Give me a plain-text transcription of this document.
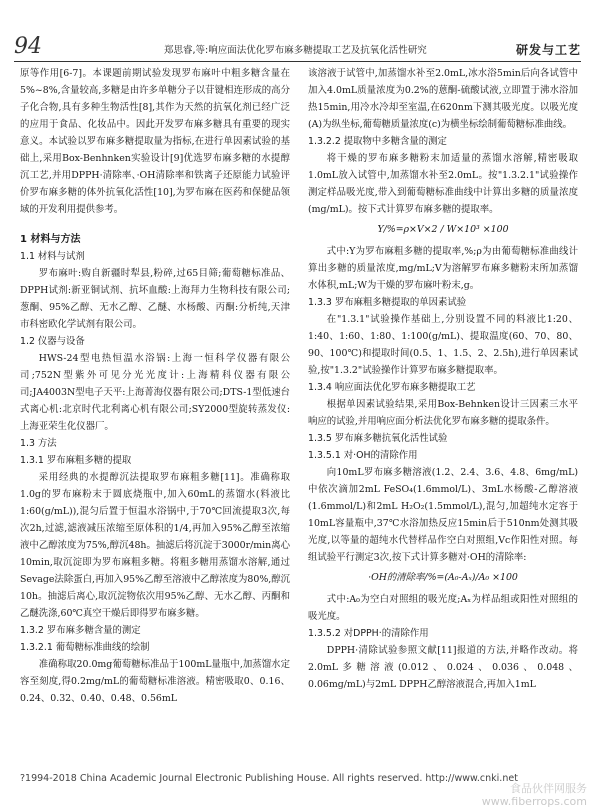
94	郑思睿,等:响应面法优化罗布麻多糖提取工艺及抗氧化活性研究	研发与工艺

原等作用[6-7]。本课题前期试验发现罗布麻叶中粗多糖含量在5%~8%,含量较高,多糖是由许多单糖分子以苷键相连形成的高分子化合物,具有多种生物活性[8],其作为天然的抗氧化剂已经广泛的应用于食品、化妆品中。因此开发罗布麻多糖具有重要的现实意义。本试验以罗布麻多糖提取量为指标,在进行单因素试验的基础上,采用Box-Benhnken实验设计[9]优选罗布麻多糖的水提醇沉工艺,并用DPPH·清除率、·OH清除率和铁离子还原能力试验评价罗布麻多糖的体外抗氧化活性[10],为罗布麻在医药和保健品领域的开发利用提供参考。

1 材料与方法
1.1 材料与试剂

罗布麻叶:购自新疆时犁县,粉碎,过65目筛;葡萄糖标准品、DPPH试剂:新亚铜试剂、抗坏血酸:上海拜力生物科技有限公司;葱酮、95%乙醇、无水乙醇、乙醚、水杨酸、丙酮:分析纯,天津市科密欧化学试剂有限公司。

1.2 仪器与设备

HWS-24型电热恒温水浴锅:上海一恒科学仪器有限公司;752N型紫外可见分光光度计:上海精科仪器有限公司;JA4003N型电子天平:上海菁海仪器有限公司;DTS-1型低速台式离心机:北京时代北利离心机有限公司;SY2000型旋转蒸发仪:上海亚荣生化仪器厂。

1.3 方法
1.3.1 罗布麻粗多糖的提取

采用经典的水提醇沉法提取罗布麻粗多糖[11]。准确称取1.0g的罗布麻粉末于圆底烧瓶中,加入60mL的蒸馏水(料液比1:60(g/mL)),混匀后置于恒温水浴锅中,于70℃回流提取3次,每次2h,过滤,滤液减压浓缩至原体积的1/4,再加入95%乙醇至浓缩液中乙醇浓度为75%,醇沉48h。抽滤后将沉淀于3000r/min离心10min,取沉淀即为罗布麻粗多糖。将粗多糖用蒸馏水溶解,通过Sevage法除蛋白,再加入95%乙醇至溶液中乙醇浓度为80%,醇沉10h。抽滤后离心,取沉淀物依次用95%乙醇、无水乙醇、丙酮和乙醚洗涤,60℃真空干燥后即得罗布麻多糖。

1.3.2 罗布麻多糖含量的测定
1.3.2.1 葡萄糖标准曲线的绘制

准确称取20.0mg葡萄糖标准品于100mL量瓶中,加蒸馏水定容至刻度,得0.2mg/mL的葡萄糖标准溶液。精密吸取0、0.16、0.24、0.32、0.40、0.48、0.56mL

该溶液于试管中,加蒸馏水补至2.0mL,冰水浴5min后向各试管中加入4.0mL质量浓度为0.2%的蒽酮-硫酸试液,立即置于沸水浴加热15min,用冷水冷却至室温,在620nm下测其吸光度。以吸光度(A)为纵坐标,葡萄糖质量浓度(c)为横坐标绘制葡萄糖标准曲线。

1.3.2.2 提取物中多糖含量的测定

将干燥的罗布麻多糖粉末加适量的蒸馏水溶解,精密吸取1.0mL放入试管中,加蒸馏水补至2.0mL。按"1.3.2.1"试验操作测定样品吸光度,带入到葡萄糖标准曲线中计算出多糖的质量浓度(mg/mL)。按下式计算罗布麻多糖的提取率。

Y/%=ρ×V×2 / W×10³ ×100

式中:Y为罗布麻粗多糖的提取率,%;ρ为由葡萄糖标准曲线计算出多糖的质量浓度,mg/mL;V为溶解罗布麻多糖粉末所加蒸馏水体积,mL;W为干燥的罗布麻叶粉末,g。

1.3.3 罗布麻粗多糖提取的单因素试验

在"1.3.1"试验操作基础上,分别设置不同的料液比1:20、1:40、1:60、1:80、1:100(g/mL)、提取温度(60、70、80、90、100℃)和提取时间(0.5、1、1.5、2、2.5h),进行单因素试验,按"1.3.2"试验操作计算罗布麻多糖提取率。

1.3.4 响应面法优化罗布麻多糖提取工艺

根据单因素试验结果,采用Box-Behnken设计三因素三水平响应的试验,并用响应面分析法优化罗布麻多糖的提取条件。

1.3.5 罗布麻多糖抗氧化活性试验
1.3.5.1 对·OH的清除作用

向10mL罗布麻多糖溶液(1.2、2.4、3.6、4.8、6mg/mL)中依次滴加2mL FeSO₄(1.6mmol/L)、3mL水杨酸-乙醇溶液(1.6mmol/L)和2mL H₂O₂(1.5mmol/L),混匀,加超纯水定容于10mL容量瓶中,37℃水浴加热反应15min后于510nm处测其吸光度,以等量的超纯水代替样品作空白对照组,Vc作阳性对照。每组试验平行测定3次,按下式计算多糖对·OH的清除率:

·OH的清除率/%=(A₀-Aₓ)/A₀ ×100

式中:A₀为空白对照组的吸光度;Aₓ为样品组或阳性对照组的吸光度。

1.3.5.2 对DPPH·的清除作用

DPPH·清除试验参照文献[11]报道的方法,并略作改动。将2.0mL多糖溶液(0.012、0.024、0.036、0.048、0.06mg/mL)与2mL DPPH乙醇溶液混合,再加入1mL

?1994-2018 China Academic Journal Electronic Publishing House. All rights reserved. http://www.cnki.net
食品伙伴网服务
www.fiberrops.com
